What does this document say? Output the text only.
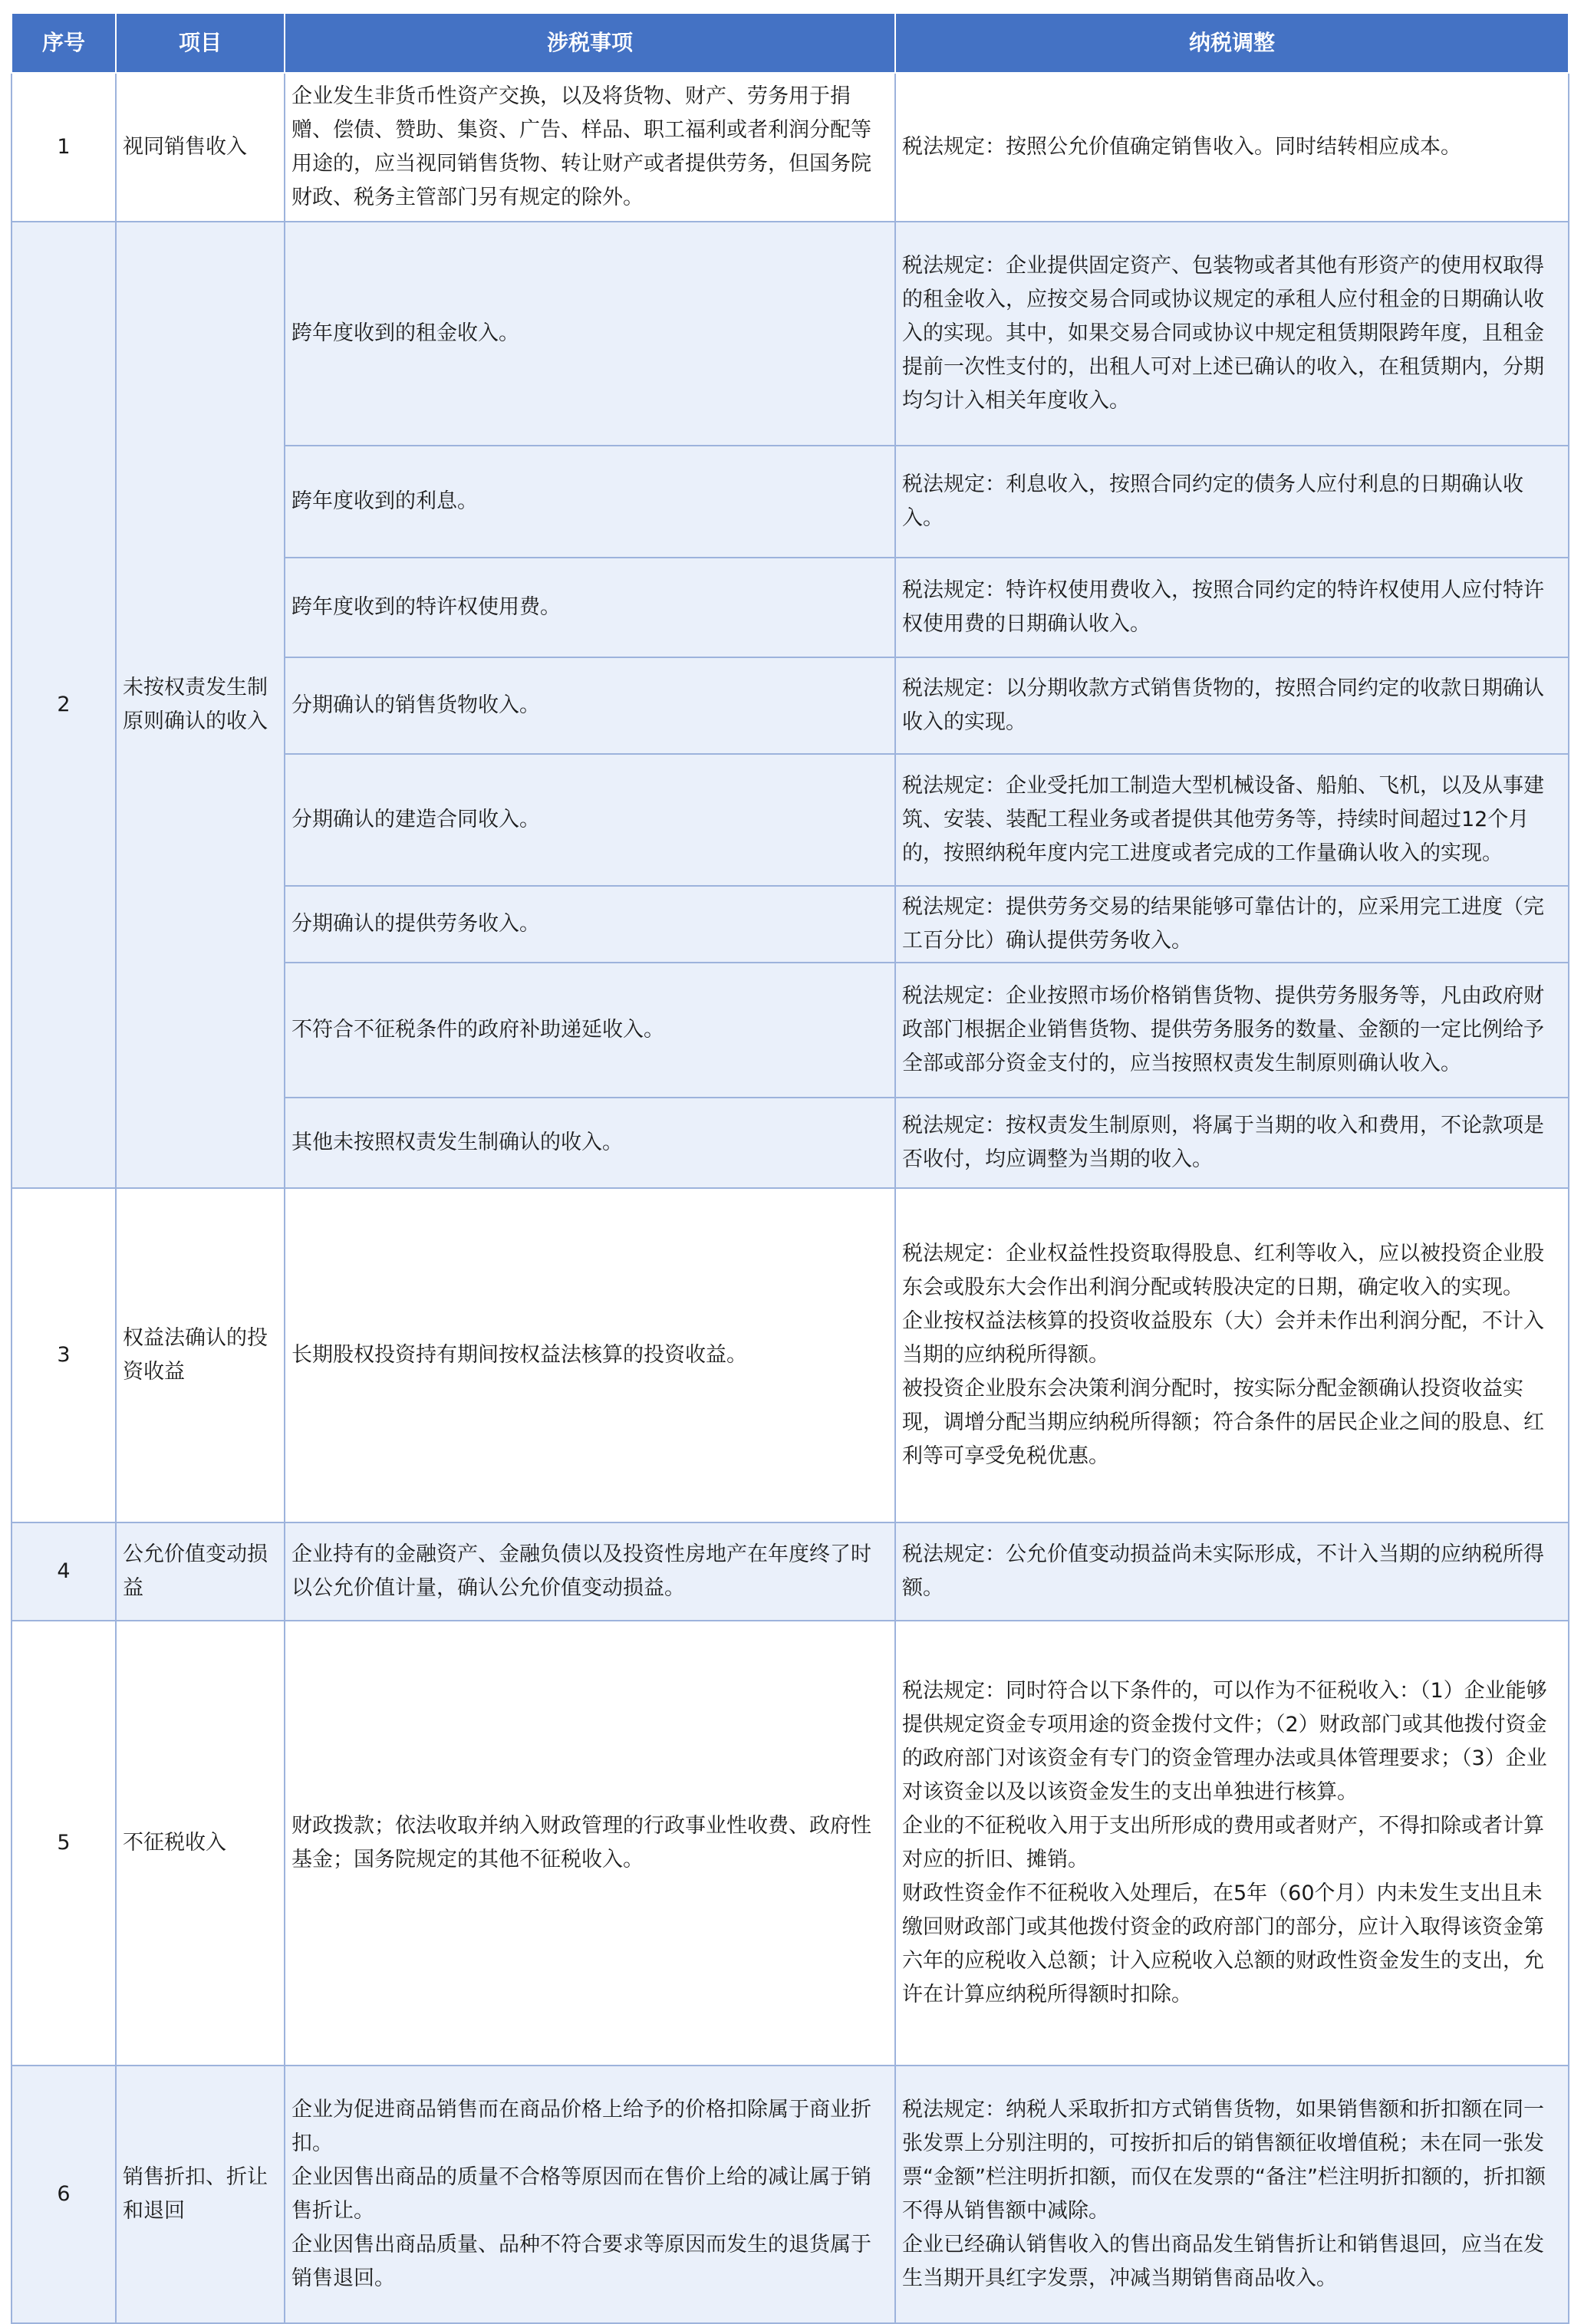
序号	项目	涉税事项	纳税调整
1	视同销售收入	企业发生非货币性资产交换，以及将货物、财产、劳务用于捐赠、偿债、赞助、集资、广告、样品、职工福利或者利润分配等用途的，应当视同销售货物、转让财产或者提供劳务，但国务院财政、税务主管部门另有规定的除外。	税法规定：按照公允价值确定销售收入。同时结转相应成本。

2	未按权责发生制原则确认的收入	跨年度收到的租金收入。	税法规定：企业提供固定资产、包装物或者其他有形资产的使用权取得的租金收入，应按交易合同或协议规定的承租人应付租金的日期确认收入的实现。其中，如果交易合同或协议中规定租赁期限跨年度，且租金提前一次性支付的，出租人可对上述已确认的收入，在租赁期内，分期均匀计入相关年度收入。

		跨年度收到的利息。	税法规定：利息收入，按照合同约定的债务人应付利息的日期确认收入。

		跨年度收到的特许权使用费。	税法规定：特许权使用费收入，按照合同约定的特许权使用人应付特许权使用费的日期确认收入。

		分期确认的销售货物收入。	税法规定：以分期收款方式销售货物的，按照合同约定的收款日期确认收入的实现。

		分期确认的建造合同收入。	税法规定：企业受托加工制造大型机械设备、船舶、飞机，以及从事建筑、安装、装配工程业务或者提供其他劳务等，持续时间超过12个月的，按照纳税年度内完工进度或者完成的工作量确认收入的实现。

		分期确认的提供劳务收入。	税法规定：提供劳务交易的结果能够可靠估计的，应采用完工进度（完工百分比）确认提供劳务收入。

		不符合不征税条件的政府补助递延收入。	税法规定：企业按照市场价格销售货物、提供劳务服务等，凡由政府财政部门根据企业销售货物、提供劳务服务的数量、金额的一定比例给予全部或部分资金支付的，应当按照权责发生制原则确认收入。

		其他未按照权责发生制确认的收入。	税法规定：按权责发生制原则，将属于当期的收入和费用，不论款项是否收付，均应调整为当期的收入。

3	权益法确认的投资收益	长期股权投资持有期间按权益法核算的投资收益。	税法规定：企业权益性投资取得股息、红利等收入，应以被投资企业股东会或股东大会作出利润分配或转股决定的日期，确定收入的实现。
企业按权益法核算的投资收益股东（大）会并未作出利润分配，不计入当期的应纳税所得额。
被投资企业股东会决策利润分配时，按实际分配金额确认投资收益实现，调增分配当期应纳税所得额；符合条件的居民企业之间的股息、红利等可享受免税优惠。

4	公允价值变动损益	企业持有的金融资产、金融负债以及投资性房地产在年度终了时以公允价值计量，确认公允价值变动损益。	税法规定：公允价值变动损益尚未实际形成，不计入当期的应纳税所得额。

5	不征税收入	财政拨款；依法收取并纳入财政管理的行政事业性收费、政府性基金；国务院规定的其他不征税收入。	税法规定：同时符合以下条件的，可以作为不征税收入：（1）企业能够提供规定资金专项用途的资金拨付文件；（2）财政部门或其他拨付资金的政府部门对该资金有专门的资金管理办法或具体管理要求；（3）企业对该资金以及以该资金发生的支出单独进行核算。
企业的不征税收入用于支出所形成的费用或者财产，不得扣除或者计算对应的折旧、摊销。
财政性资金作不征税收入处理后，在5年（60个月）内未发生支出且未缴回财政部门或其他拨付资金的政府部门的部分，应计入取得该资金第六年的应税收入总额；计入应税收入总额的财政性资金发生的支出，允许在计算应纳税所得额时扣除。

6	销售折扣、折让和退回	企业为促进商品销售而在商品价格上给予的价格扣除属于商业折扣。
企业因售出商品的质量不合格等原因而在售价上给的减让属于销售折让。
企业因售出商品质量、品种不符合要求等原因而发生的退货属于销售退回。	税法规定：纳税人采取折扣方式销售货物，如果销售额和折扣额在同一张发票上分别注明的，可按折扣后的销售额征收增值税；未在同一张发票“金额”栏注明折扣额，而仅在发票的“备注”栏注明折扣额的，折扣额不得从销售额中减除。
企业已经确认销售收入的售出商品发生销售折让和销售退回，应当在发生当期开具红字发票，冲减当期销售商品收入。
